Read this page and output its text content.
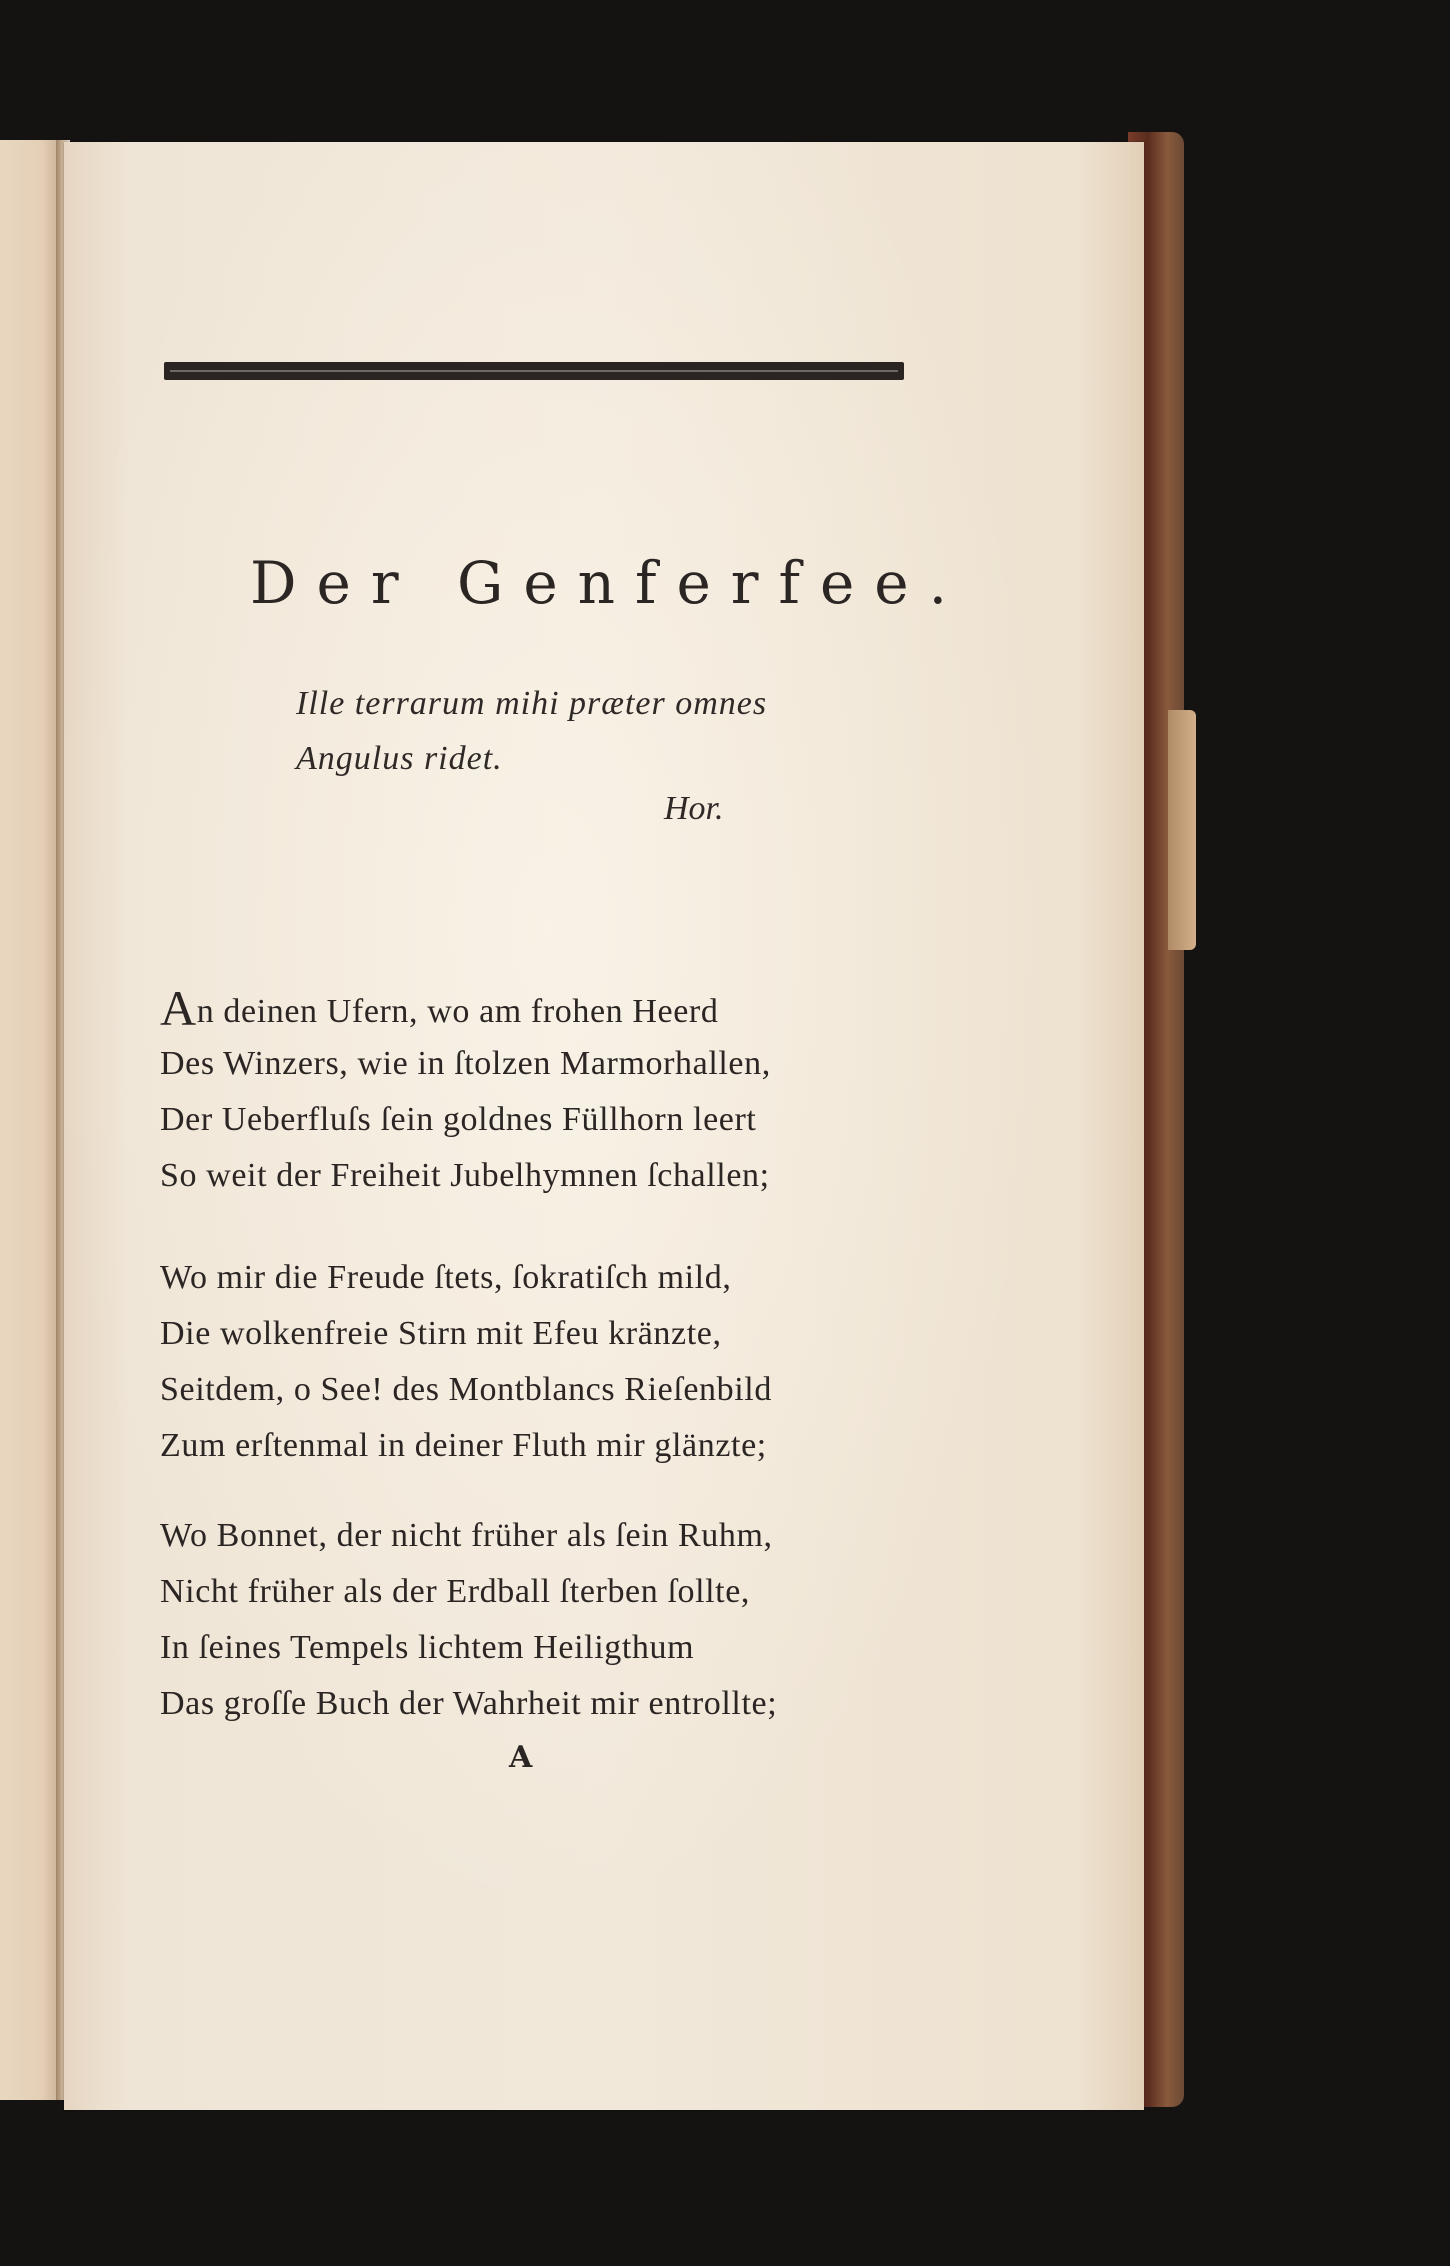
Der Genferfee.
Ille terrarum mihi præter omnes
Angulus ridet.
Hor.
An deinen Ufern, wo am frohen Heerd
Des Winzers, wie in ſtolzen Marmorhallen,
Der Ueberfluſs ſein goldnes Füllhorn leert
So weit der Freiheit Jubelhymnen ſchallen;
Wo mir die Freude ſtets, ſokratiſch mild,
Die wolkenfreie Stirn mit Efeu kränzte,
Seitdem, o See! des Montblancs Rieſenbild
Zum erſtenmal in deiner Fluth mir glänzte;
Wo Bonnet, der nicht früher als ſein Ruhm,
Nicht früher als der Erdball ſterben ſollte,
In ſeines Tempels lichtem Heiligthum
Das groſſe Buch der Wahrheit mir entrollte;
A
